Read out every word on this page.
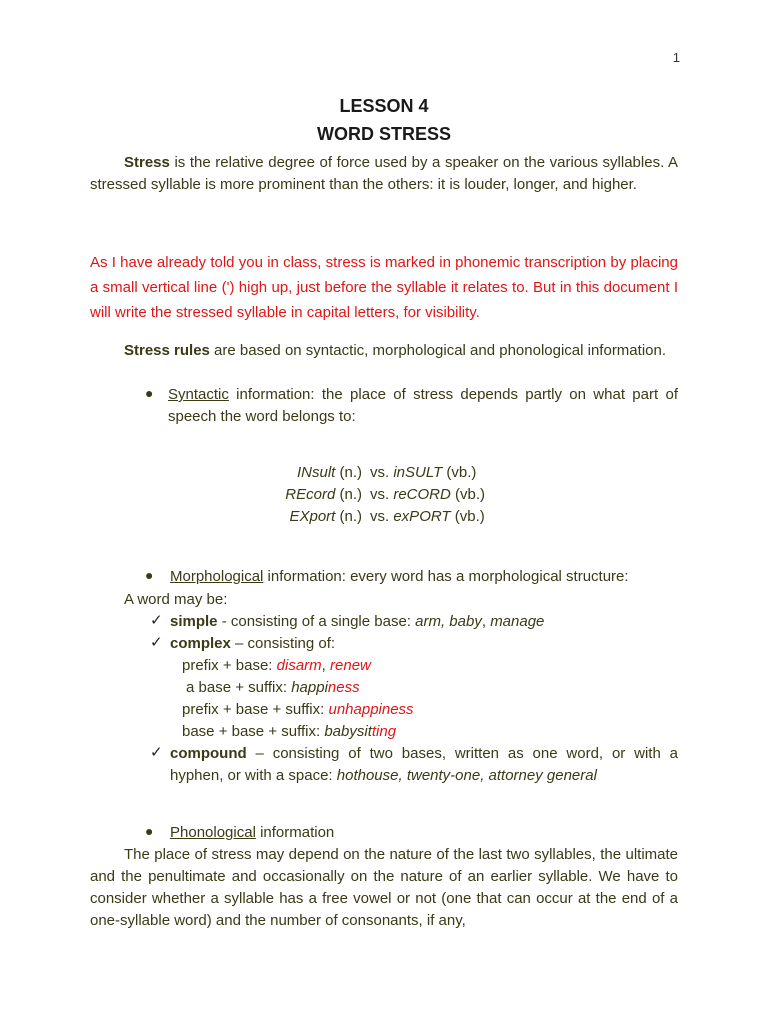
1
LESSON 4
WORD STRESS
Stress is the relative degree of force used by a speaker on the various syllables. A stressed syllable is more prominent than the others: it is louder, longer, and higher.
As I have already told you in class, stress is marked in phonemic transcription by placing a small vertical line (') high up, just before the syllable it relates to. But in this document I will write the stressed syllable in capital letters, for visibility.
Stress rules are based on syntactic, morphological and phonological information.
● Syntactic information: the place of stress depends partly on what part of speech the word belongs to:
INsult (n.) vs. inSULT (vb.)
REcord (n.) vs. reCORD (vb.)
EXport (n.) vs. exPORT (vb.)
● Morphological information: every word has a morphological structure:
A word may be:
✓ simple - consisting of a single base: arm, baby, manage
✓ complex – consisting of:
prefix + base: disarm, renew
a base + suffix: happiness
prefix + base + suffix: unhappiness
base + base + suffix: babysitting
✓ compound – consisting of two bases, written as one word, or with a hyphen, or with a space: hothouse, twenty-one, attorney general
● Phonological information
The place of stress may depend on the nature of the last two syllables, the ultimate and the penultimate and occasionally on the nature of an earlier syllable. We have to consider whether a syllable has a free vowel or not (one that can occur at the end of a one-syllable word) and the number of consonants, if any,
